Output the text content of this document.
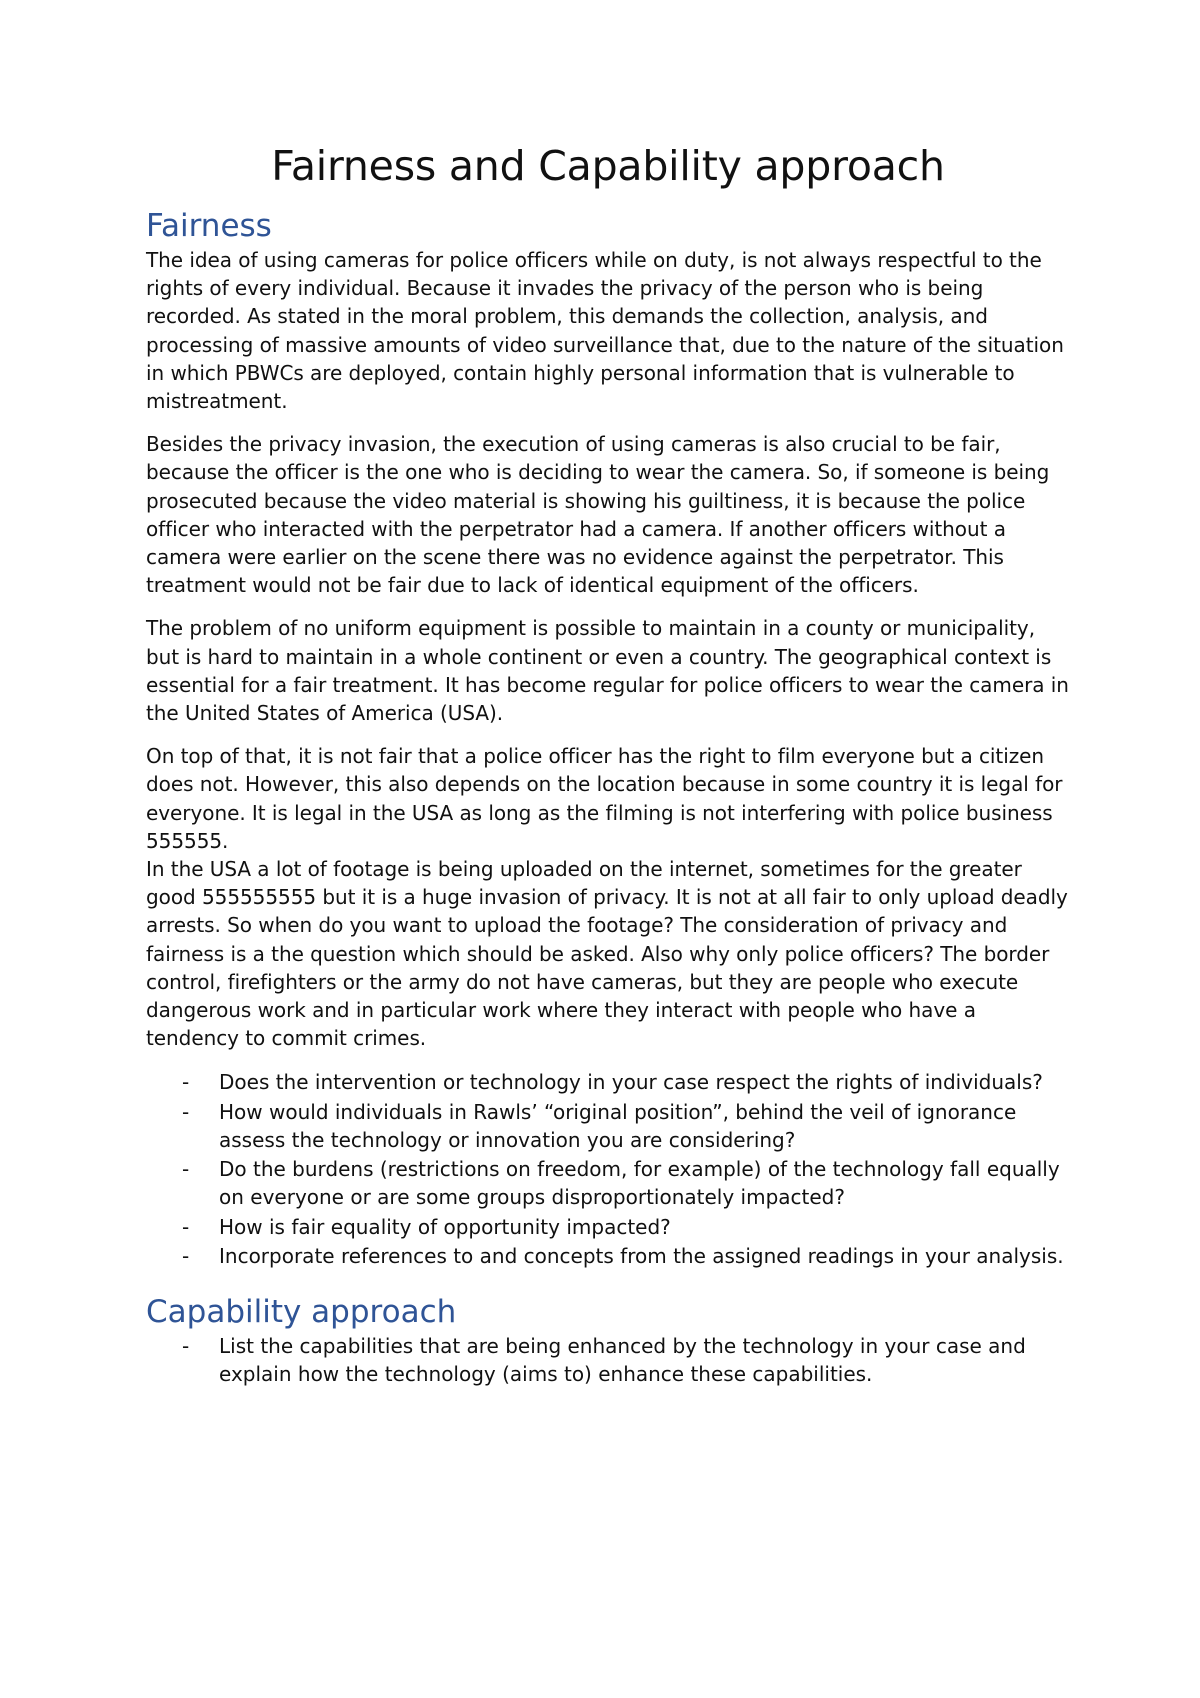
Fairness and Capability approach
Fairness

The idea of using cameras for police officers while on duty, is not always respectful to the rights of every individual. Because it invades the privacy of the person who is being recorded. As stated in the moral problem, this demands the collection, analysis, and processing of massive amounts of video surveillance that, due to the nature of the situation in which PBWCs are deployed, contain highly personal information that is vulnerable to mistreatment.

Besides the privacy invasion, the execution of using cameras is also crucial to be fair, because the officer is the one who is deciding to wear the camera. So, if someone is being prosecuted because the video material is showing his guiltiness, it is because the police officer who interacted with the perpetrator had a camera. If another officers without a camera were earlier on the scene there was no evidence against the perpetrator. This treatment would not be fair due to lack of identical equipment of the officers.

The problem of no uniform equipment is possible to maintain in a county or municipality, but is hard to maintain in a whole continent or even a country. The geographical context is essential for a fair treatment. It has become regular for police officers to wear the camera in the United States of America (USA).

On top of that, it is not fair that a police officer has the right to film everyone but a citizen does not. However, this also depends on the location because in some country it is legal for everyone. It is legal in the USA as long as the filming is not interfering with police business 555555.

In the USA a lot of footage is being uploaded on the internet, sometimes for the greater good 555555555 but it is a huge invasion of privacy. It is not at all fair to only upload deadly arrests. So when do you want to upload the footage? The consideration of privacy and fairness is a the question which should be asked. Also why only police officers? The border control, firefighters or the army do not have cameras, but they are people who execute dangerous work and in particular work where they interact with people who have a tendency to commit crimes.

- Does the intervention or technology in your case respect the rights of individuals?
- How would individuals in Rawls’ “original position”, behind the veil of ignorance assess the technology or innovation you are considering?
- Do the burdens (restrictions on freedom, for example) of the technology fall equally on everyone or are some groups disproportionately impacted?
- How is fair equality of opportunity impacted?
- Incorporate references to and concepts from the assigned readings in your analysis.
Capability approach
- List the capabilities that are being enhanced by the technology in your case and explain how the technology (aims to) enhance these capabilities.
